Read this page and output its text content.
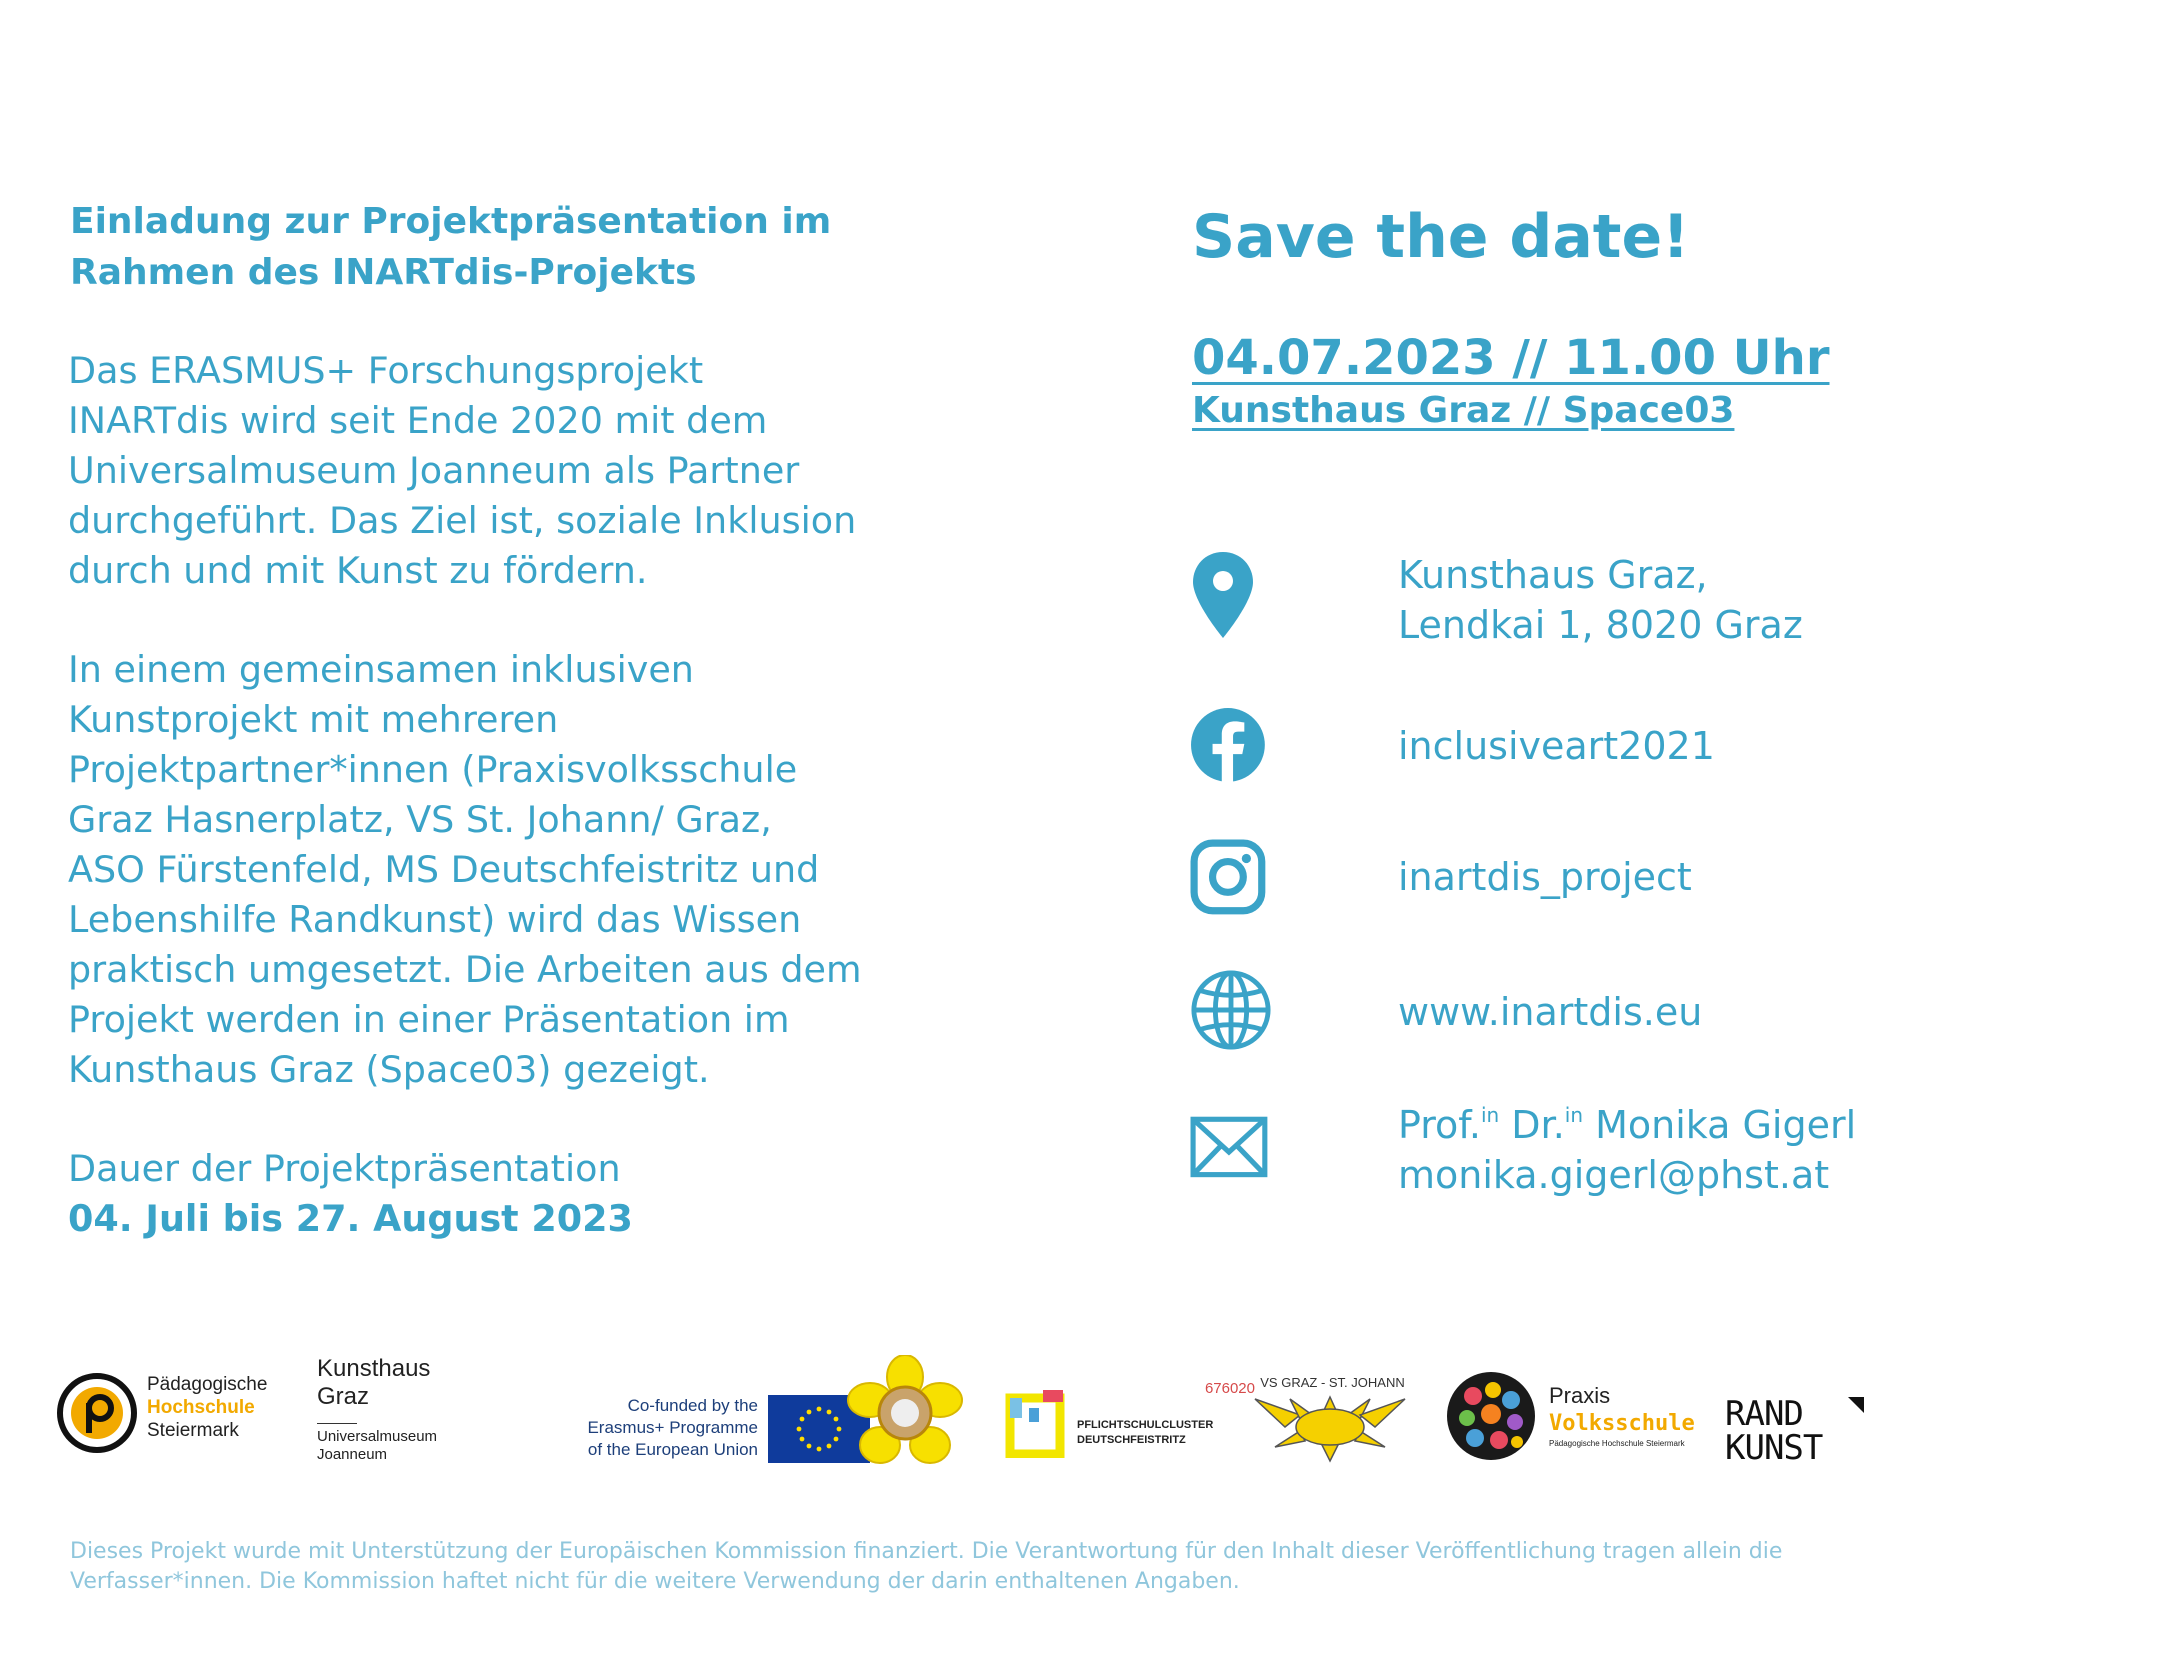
Einladung zur Projektpräsentation im
Rahmen des INARTdis-Projekts
Das ERASMUS+ Forschungsprojekt
INARTdis wird seit Ende 2020 mit dem
Universalmuseum Joanneum als Partner
durchgeführt. Das Ziel ist, soziale Inklusion
durch und mit Kunst zu fördern.
In einem gemeinsamen inklusiven
Kunstprojekt mit mehreren
Projektpartner*innen (Praxisvolksschule
Graz Hasnerplatz, VS St. Johann/ Graz,
ASO Fürstenfeld, MS Deutschfeistritz und
Lebenshilfe Randkunst) wird das Wissen
praktisch umgesetzt. Die Arbeiten aus dem
Projekt werden in einer Präsentation im
Kunsthaus Graz (Space03) gezeigt.
Dauer der Projektpräsentation
04. Juli bis 27. August 2023
Save the date!
04.07.2023 // 11.00 Uhr
Kunsthaus Graz // Space03
Kunsthaus Graz,
Lendkai 1, 8020 Graz
inclusiveart2021
inartdis_project
www.inartdis.eu
Prof.$^{in}$ Dr.$^{in}$ Monika Gigerl
monika.gigerl@phst.at
Pädagogische
Hochschule
Steiermark
Kunsthaus
Graz
Universalmuseum
Joanneum
Co-funded by the
Erasmus+ Programme
of the European Union
676020
PFLICHTSCHULCLUSTER
DEUTSCHFEISTRITZ
VS GRAZ - ST. JOHANN
Praxis
Volksschule
Pädagogische Hochschule Steiermark
RAND
KUNST
Dieses Projekt wurde mit Unterstützung der Europäischen Kommission finanziert. Die Verantwortung für den Inhalt dieser Veröffentlichung tragen allein die Verfasser*innen. Die Kommission haftet nicht für die weitere Verwendung der darin enthaltenen Angaben.
